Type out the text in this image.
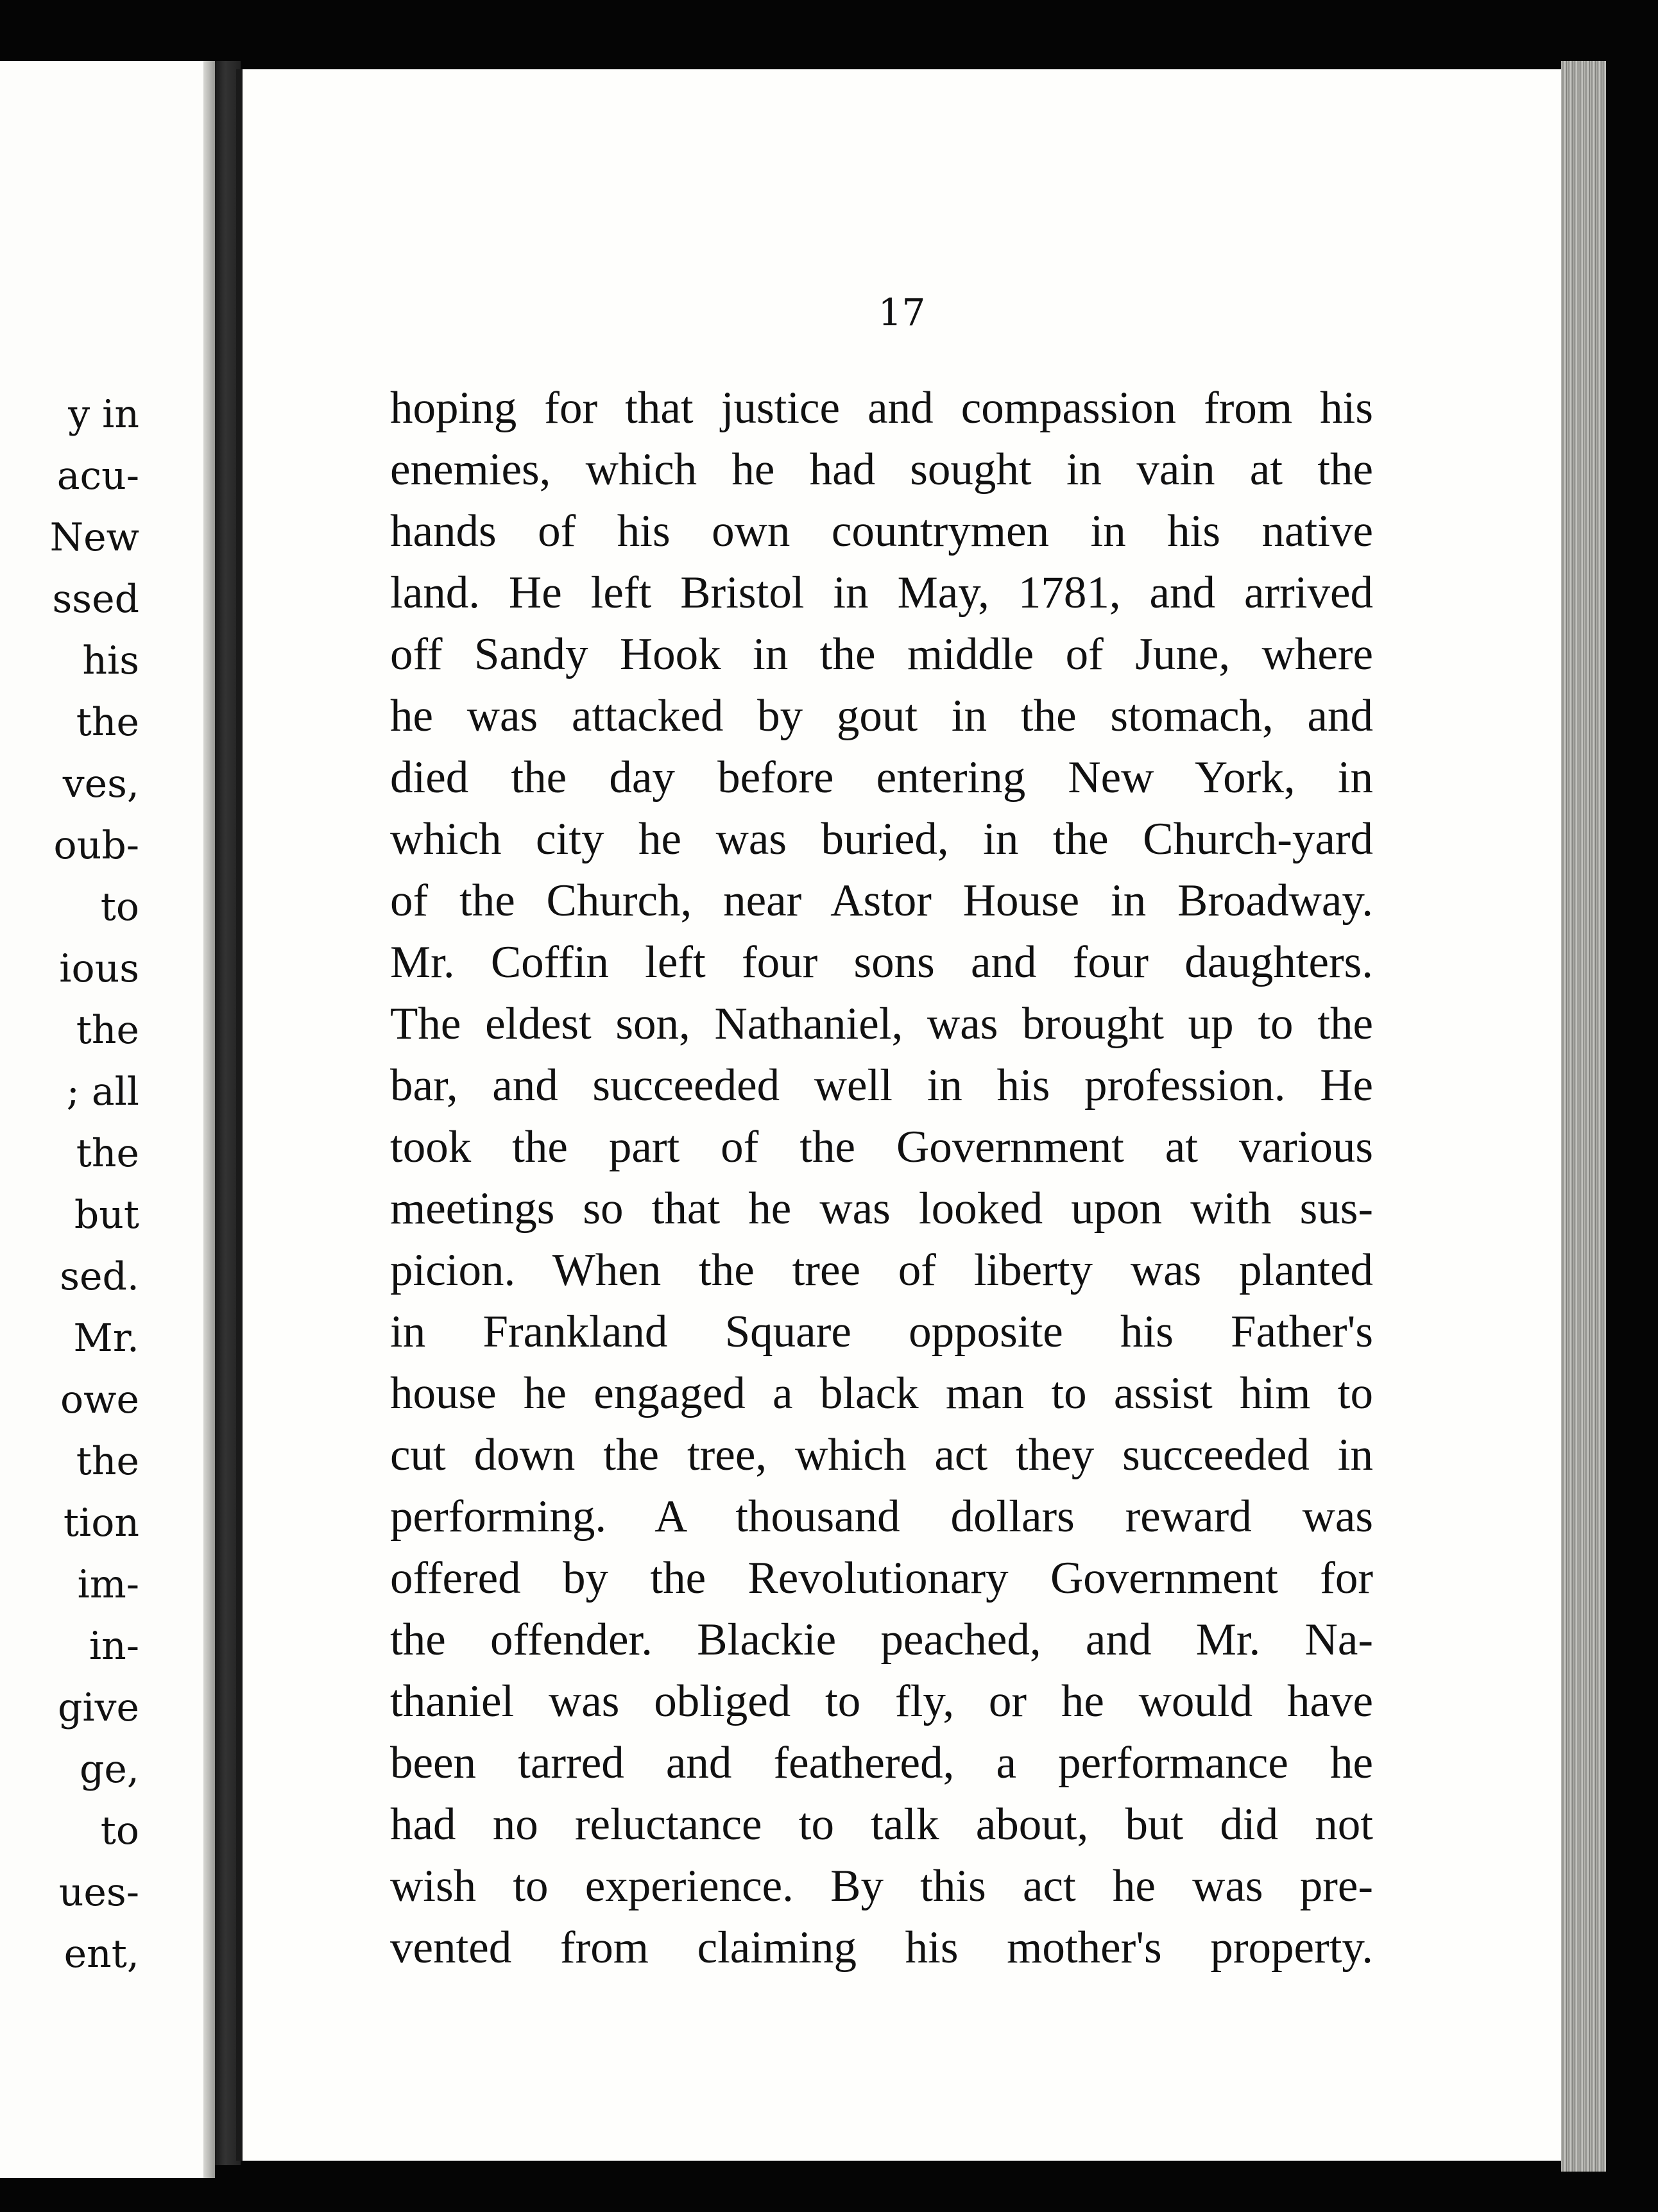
y in
acu-
New
ssed
his
the
ves,
oub-
to
ious
the
; all
the
but
sed.
Mr.
owe
the
tion
im-
in-
give
ge,
to
ues-
ent,
17
hoping for that justice and compassion from his
enemies, which he had sought in vain at the
hands of his own countrymen in his native
land. He left Bristol in May, 1781, and arrived
off Sandy Hook in the middle of June, where
he was attacked by gout in the stomach, and
died the day before entering New York, in
which city he was buried, in the Church-yard
of the Church, near Astor House in Broadway.
Mr. Coffin left four sons and four daughters.
The eldest son, Nathaniel, was brought up to the
bar, and succeeded well in his profession. He
took the part of the Government at various
meetings so that he was looked upon with sus-
picion. When the tree of liberty was planted
in Frankland Square opposite his Father's
house he engaged a black man to assist him to
cut down the tree, which act they succeeded in
performing. A thousand dollars reward was
offered by the Revolutionary Government for
the offender. Blackie peached, and Mr. Na-
thaniel was obliged to fly, or he would have
been tarred and feathered, a performance he
had no reluctance to talk about, but did not
wish to experience. By this act he was pre-
vented from claiming his mother's property.
